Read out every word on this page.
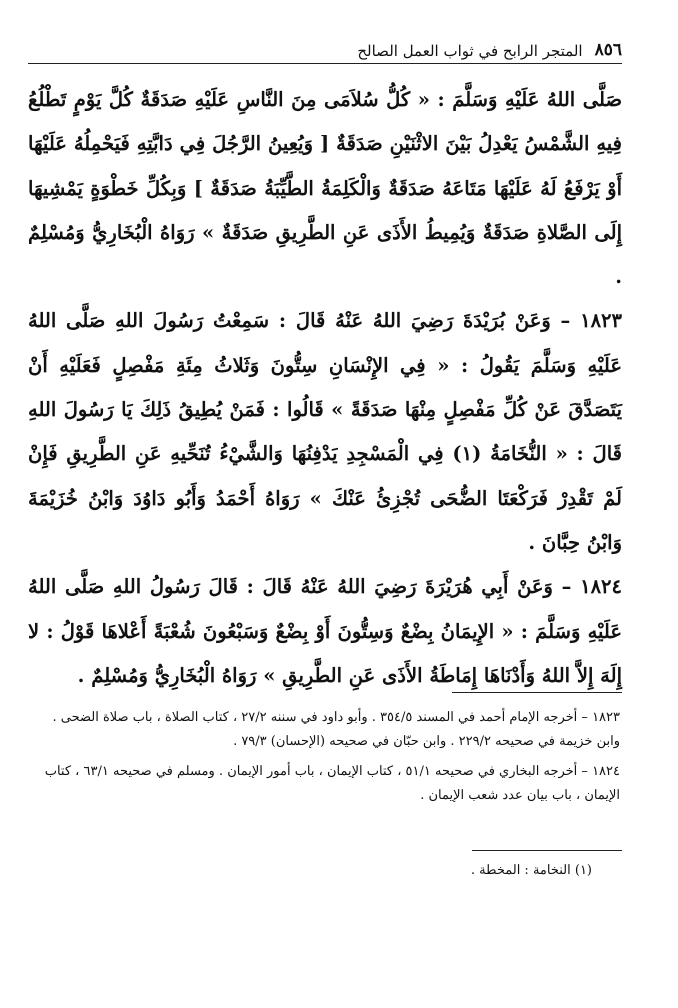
٨٥٦
المتجر الرابح في ثواب العمل الصالح

صَلَّى اللهُ عَلَيْهِ وَسَلَّمَ : « كُلُّ سُلاَمَى مِنَ النَّاسِ عَلَيْهِ صَدَقَةٌ كُلَّ يَوْمٍ تَطْلُعُ فِيهِ الشَّمْسُ يَعْدِلُ بَيْنَ الاثْنَيْنِ صَدَقَةٌ [ وَيُعِينُ الرَّجُلَ فِي دَابَّتِهِ فَيَحْمِلُهُ عَلَيْهَا أَوْ يَرْفَعُ لَهُ عَلَيْهَا مَتَاعَهُ صَدَقَةٌ وَالْكَلِمَةُ الطَّيِّبَةُ صَدَقَةٌ ] وَبِكُلِّ خَطْوَةٍ يَمْشِيهَا إِلَى الصَّلاةِ صَدَقَةٌ وَيُمِيطُ الأَذَى عَنِ الطَّرِيقِ صَدَقَةٌ » رَوَاهُ الْبُخَارِيُّ وَمُسْلِمٌ .

١٨٢٣ – وَعَنْ بُرَيْدَةَ رَضِيَ اللهُ عَنْهُ قَالَ : سَمِعْتُ رَسُولَ اللهِ صَلَّى اللهُ عَلَيْهِ وَسَلَّمَ يَقُولُ : « فِي الإِنْسَانِ سِتُّونَ وَثَلاثُ مِئَةِ مَفْصِلٍ فَعَلَيْهِ أَنْ يَتَصَدَّقَ عَنْ كُلِّ مَفْصِلٍ مِنْهَا صَدَقَةً » قَالُوا : فَمَنْ يُطِيقُ ذَلِكَ يَا رَسُولَ اللهِ قَالَ : « النُّخَامَةُ (١) فِي الْمَسْجِدِ يَدْفِنُهَا وَالشَّيْءُ تُنَحِّيهِ عَنِ الطَّرِيقِ فَإِنْ لَمْ تَقْدِرْ فَرَكْعَتَا الضُّحَى تُجْزِئُ عَنْكَ » رَوَاهُ أَحْمَدُ وَأَبُو دَاوُدَ وَابْنُ خُزَيْمَةَ وَابْنُ حِبَّانَ .

١٨٢٤ – وَعَنْ أَبِي هُرَيْرَةَ رَضِيَ اللهُ عَنْهُ قَالَ : قَالَ رَسُولُ اللهِ صَلَّى اللهُ عَلَيْهِ وَسَلَّمَ : « الإِيمَانُ بِضْعٌ وَسِتُّونَ أَوْ بِضْعٌ وَسَبْعُونَ شُعْبَةً أَعْلاهَا قَوْلُ : لا إِلَهَ إِلاَّ اللهُ وَأَدْنَاهَا إِمَاطَةُ الأَذَى عَنِ الطَّرِيقِ » رَوَاهُ الْبُخَارِيُّ وَمُسْلِمٌ .

١٨٢٣ – أخرجه الإمام أحمد في المسند ٣٥٤/٥ . وأبو داود في سننه ٢٧/٢ ، كتاب الصلاة ، باب صلاة الضحى . وابن خزيمة في صحيحه ٢٢٩/٢ . وابن حبّان في صحيحه (الإحسان) ٧٩/٣ .

١٨٢٤ – أخرجه البخاري في صحيحه ٥١/١ ، كتاب الإيمان ، باب أمور الإيمان . ومسلم في صحيحه ٦٣/١ ، كتاب الإيمان ، باب بيان عدد شعب الإيمان .

(١) النخامة : المخطة .
